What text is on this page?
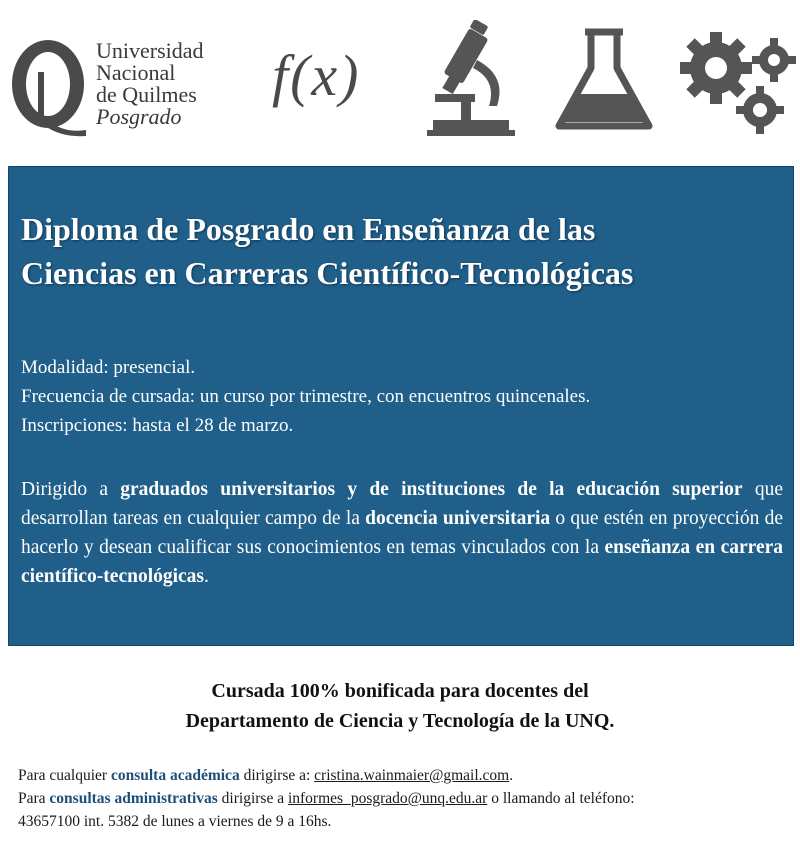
Universidad
Nacional
de Quilmes
Posgrado
f(x)
Diploma de Posgrado en Enseñanza de las
Ciencias en Carreras Científico-Tecnológicas
Modalidad: presencial.
Frecuencia de cursada: un curso por trimestre, con encuentros quincenales.
Inscripciones: hasta el 28 de marzo.

Dirigido a graduados universitarios y de instituciones de la educación superior que desarrollan tareas en cualquier campo de la docencia universitaria o que estén en proyección de hacerlo y desean cualificar sus conocimientos en temas vinculados con la enseñanza en carrera científico-tecnológicas.

Cursada 100% bonificada para docentes del
Departamento de Ciencia y Tecnología de la UNQ.
Para cualquier consulta académica dirigirse a: cristina.wainmaier@gmail.com.
Para consultas administrativas dirigirse a informes_posgrado@unq.edu.ar o llamando al teléfono:
43657100 int. 5382 de lunes a viernes de 9 a 16hs.
